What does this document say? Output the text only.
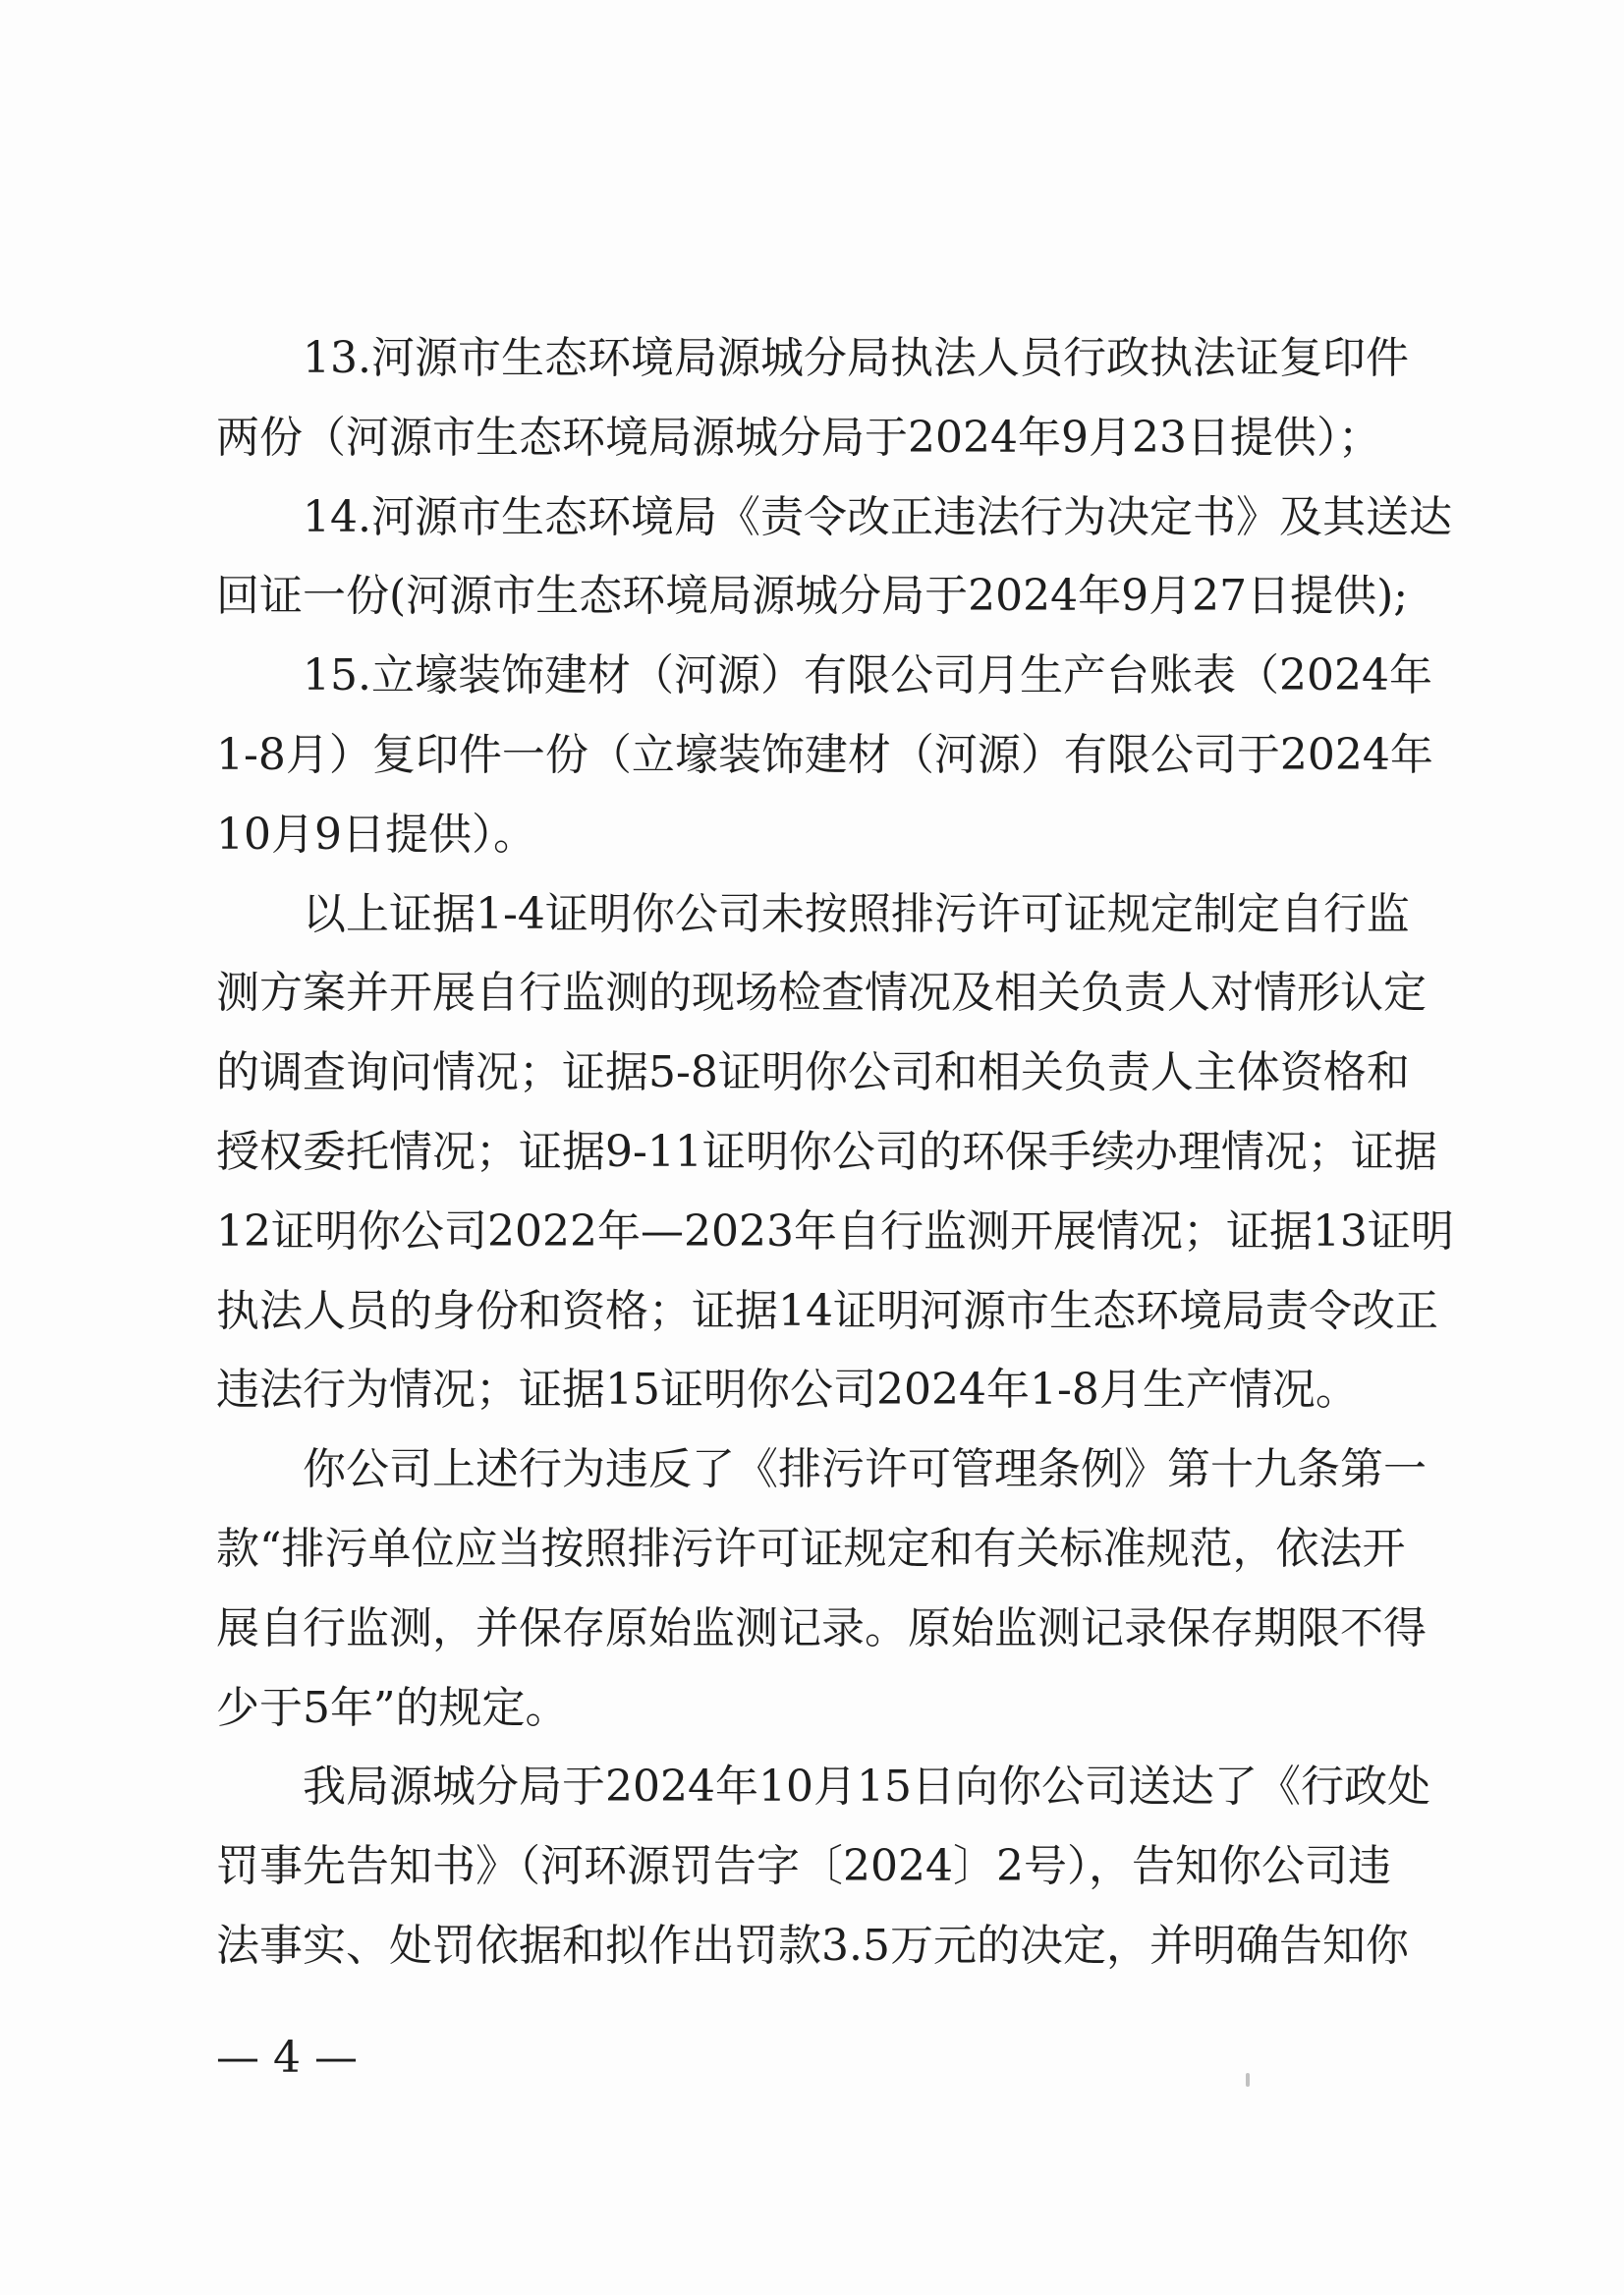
13.河源市生态环境局源城分局执法人员行政执法证复印件
两份（河源市生态环境局源城分局于2024年9月23日提供）；
14.河源市生态环境局《责令改正违法行为决定书》及其送达
回证一份(河源市生态环境局源城分局于2024年9月27日提供);
15.立壕装饰建材（河源）有限公司月生产台账表（2024年
1-8月）复印件一份（立壕装饰建材（河源）有限公司于2024年
10月9日提供）。
以上证据1-4证明你公司未按照排污许可证规定制定自行监
测方案并开展自行监测的现场检查情况及相关负责人对情形认定
的调查询问情况；证据5-8证明你公司和相关负责人主体资格和
授权委托情况；证据9-11证明你公司的环保手续办理情况；证据
12证明你公司2022年—2023年自行监测开展情况；证据13证明
执法人员的身份和资格；证据14证明河源市生态环境局责令改正
违法行为情况；证据15证明你公司2024年1-8月生产情况。
你公司上述行为违反了《排污许可管理条例》第十九条第一
款“排污单位应当按照排污许可证规定和有关标准规范，依法开
展自行监测，并保存原始监测记录。原始监测记录保存期限不得
少于5年”的规定。
我局源城分局于2024年10月15日向你公司送达了《行政处
罚事先告知书》（河环源罚告字〔2024〕2号），告知你公司违
法事实、处罚依据和拟作出罚款3.5万元的决定，并明确告知你
— 4 —
